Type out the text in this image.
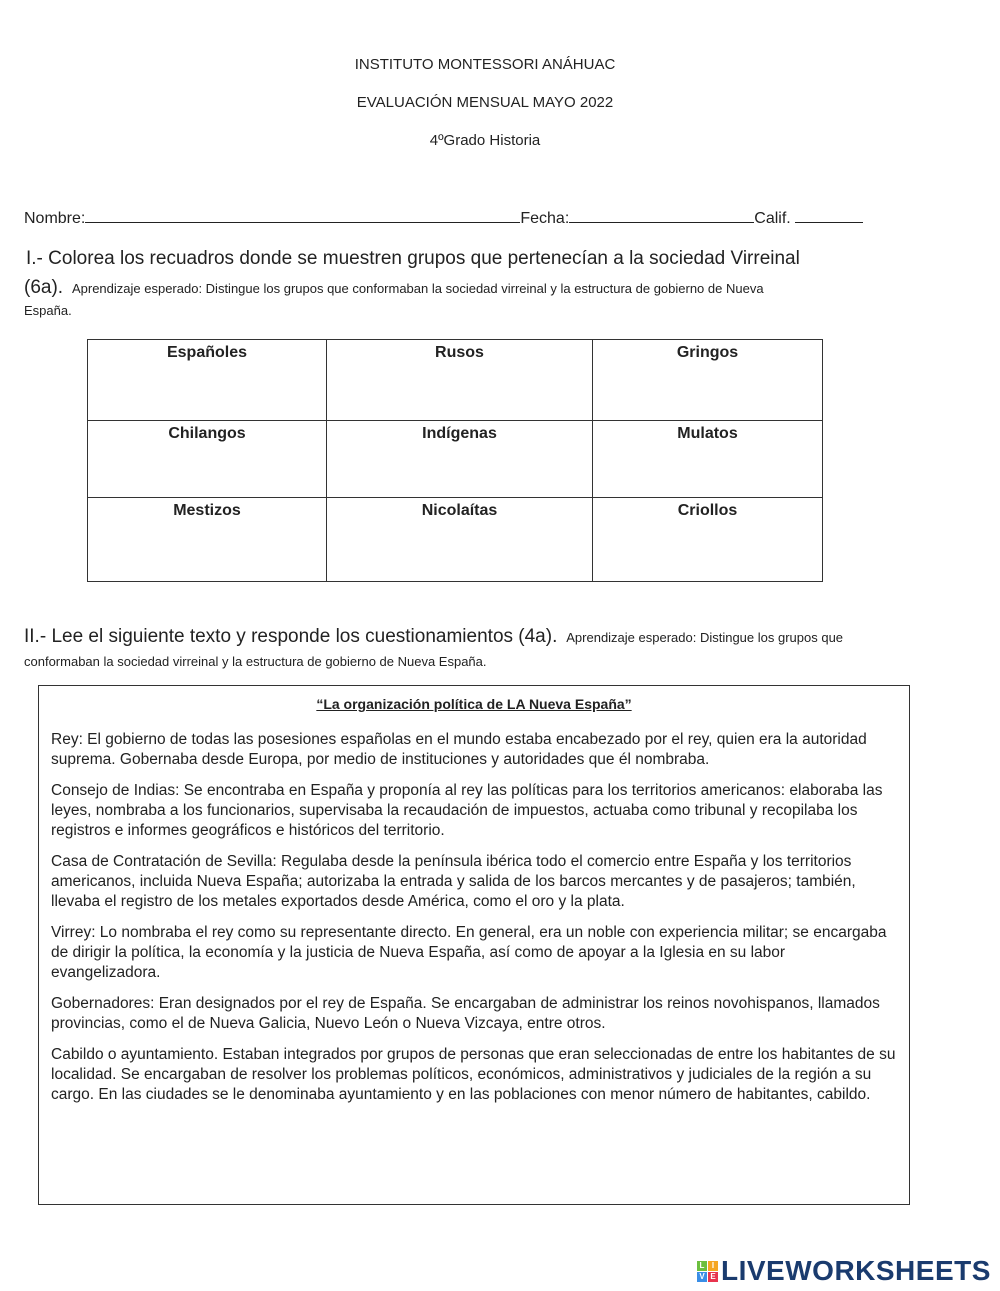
INSTITUTO MONTESSORI ANÁHUAC
EVALUACIÓN MENSUAL MAYO 2022
4ºGrado Historia
Nombre:	Fecha:	Calif.
I.- Colorea los recuadros donde se muestren grupos que pertenecían a la sociedad Virreinal
(6a). Aprendizaje esperado: Distingue los grupos que conformaban la sociedad virreinal y la estructura de gobierno de Nueva
España.
Españoles	Rusos	Gringos
Chilangos	Indígenas	Mulatos
Mestizos	Nicolaítas	Criollos
II.- Lee el siguiente texto y responde los cuestionamientos (4a). Aprendizaje esperado: Distingue los grupos que
conformaban la sociedad virreinal y la estructura de gobierno de Nueva España.
“La organización política de LA Nueva España”

Rey: El gobierno de todas las posesiones españolas en el mundo estaba encabezado por el rey, quien era la autoridad suprema. Gobernaba desde Europa, por medio de instituciones y autoridades que él nombraba.

Consejo de Indias: Se encontraba en España y proponía al rey las políticas para los territorios americanos: elaboraba las leyes, nombraba a los funcionarios, supervisaba la recaudación de impuestos, actuaba como tribunal y recopilaba los registros e informes geográficos e históricos del territorio.

Casa de Contratación de Sevilla: Regulaba desde la península ibérica todo el comercio entre España y los territorios americanos, incluida Nueva España; autorizaba la entrada y salida de los barcos mercantes y de pasajeros; también, llevaba el registro de los metales exportados desde América, como el oro y la plata.

Virrey: Lo nombraba el rey como su representante directo. En general, era un noble con experiencia militar; se encargaba de dirigir la política, la economía y la justicia de Nueva España, así como de apoyar a la Iglesia en su labor evangelizadora.

Gobernadores: Eran designados por el rey de España. Se encargaban de administrar los reinos novohispanos, llamados provincias, como el de Nueva Galicia, Nuevo León o Nueva Vizcaya, entre otros.

Cabildo o ayuntamiento. Estaban integrados por grupos de personas que eran seleccionadas de entre los habitantes de su localidad. Se encargaban de resolver los problemas políticos, económicos, administrativos y judiciales de la región a su cargo. En las ciudades se le denominaba ayuntamiento y en las poblaciones con menor número de habitantes, cabildo.

L I
V E LIVEWORKSHEETS
